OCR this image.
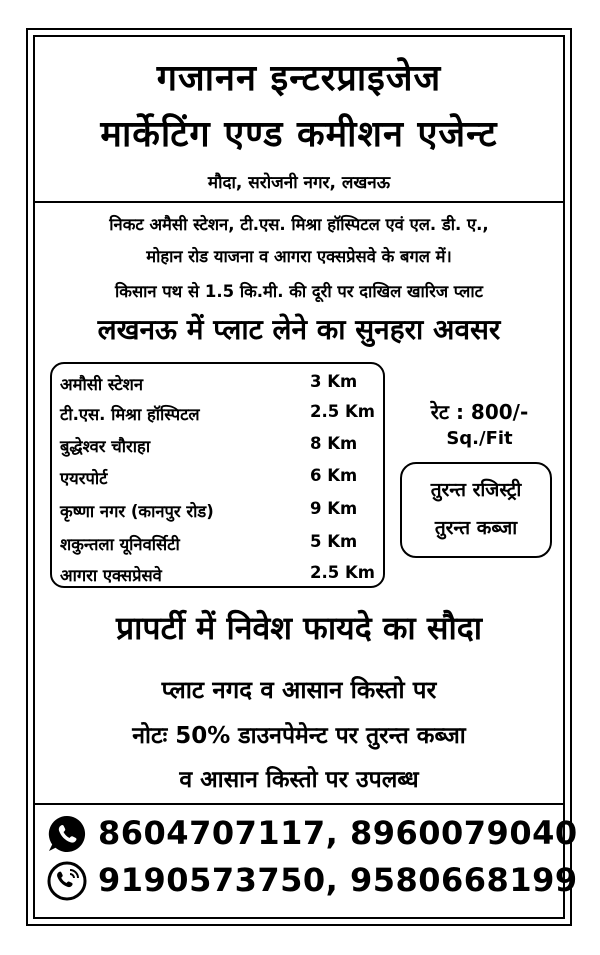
गजानन इन्टरप्राइजेज
मार्केटिंग एण्ड कमीशन एजेन्ट
मौदा, सरोजनी नगर, लखनऊ
निकट अमैसी स्टेशन, टी.एस. मिश्रा हॉस्पिटल एवं एल. डी. ए.,
मोहान रोड याजना व आगरा एक्सप्रेसवे के बगल में।
किसान पथ से 1.5 कि.मी. की दूरी पर दाखिल खारिज प्लाट
लखनऊ में प्लाट लेने का सुनहरा अवसर
अमौसी स्टेशन	3 Km
टी.एस. मिश्रा हॉस्पिटल	2.5 Km
बुद्धेश्वर चौराहा	8 Km
एयरपोर्ट	6 Km
कृष्णा नगर (कानपुर रोड)	9 Km
शकुन्तला यूनिवर्सिटी	5 Km
आगरा एक्सप्रेसवे	2.5 Km
रेट : 800/-
Sq./Fit
तुरन्त रजिस्ट्री
तुरन्त कब्जा
प्रापर्टी में निवेश फायदे का सौदा
प्लाट नगद व आसान किस्तो पर
नोटः 50% डाउनपेमेन्ट पर तुरन्त कब्जा
व आसान किस्तो पर उपलब्ध
8604707117, 8960079040
9190573750, 9580668199
